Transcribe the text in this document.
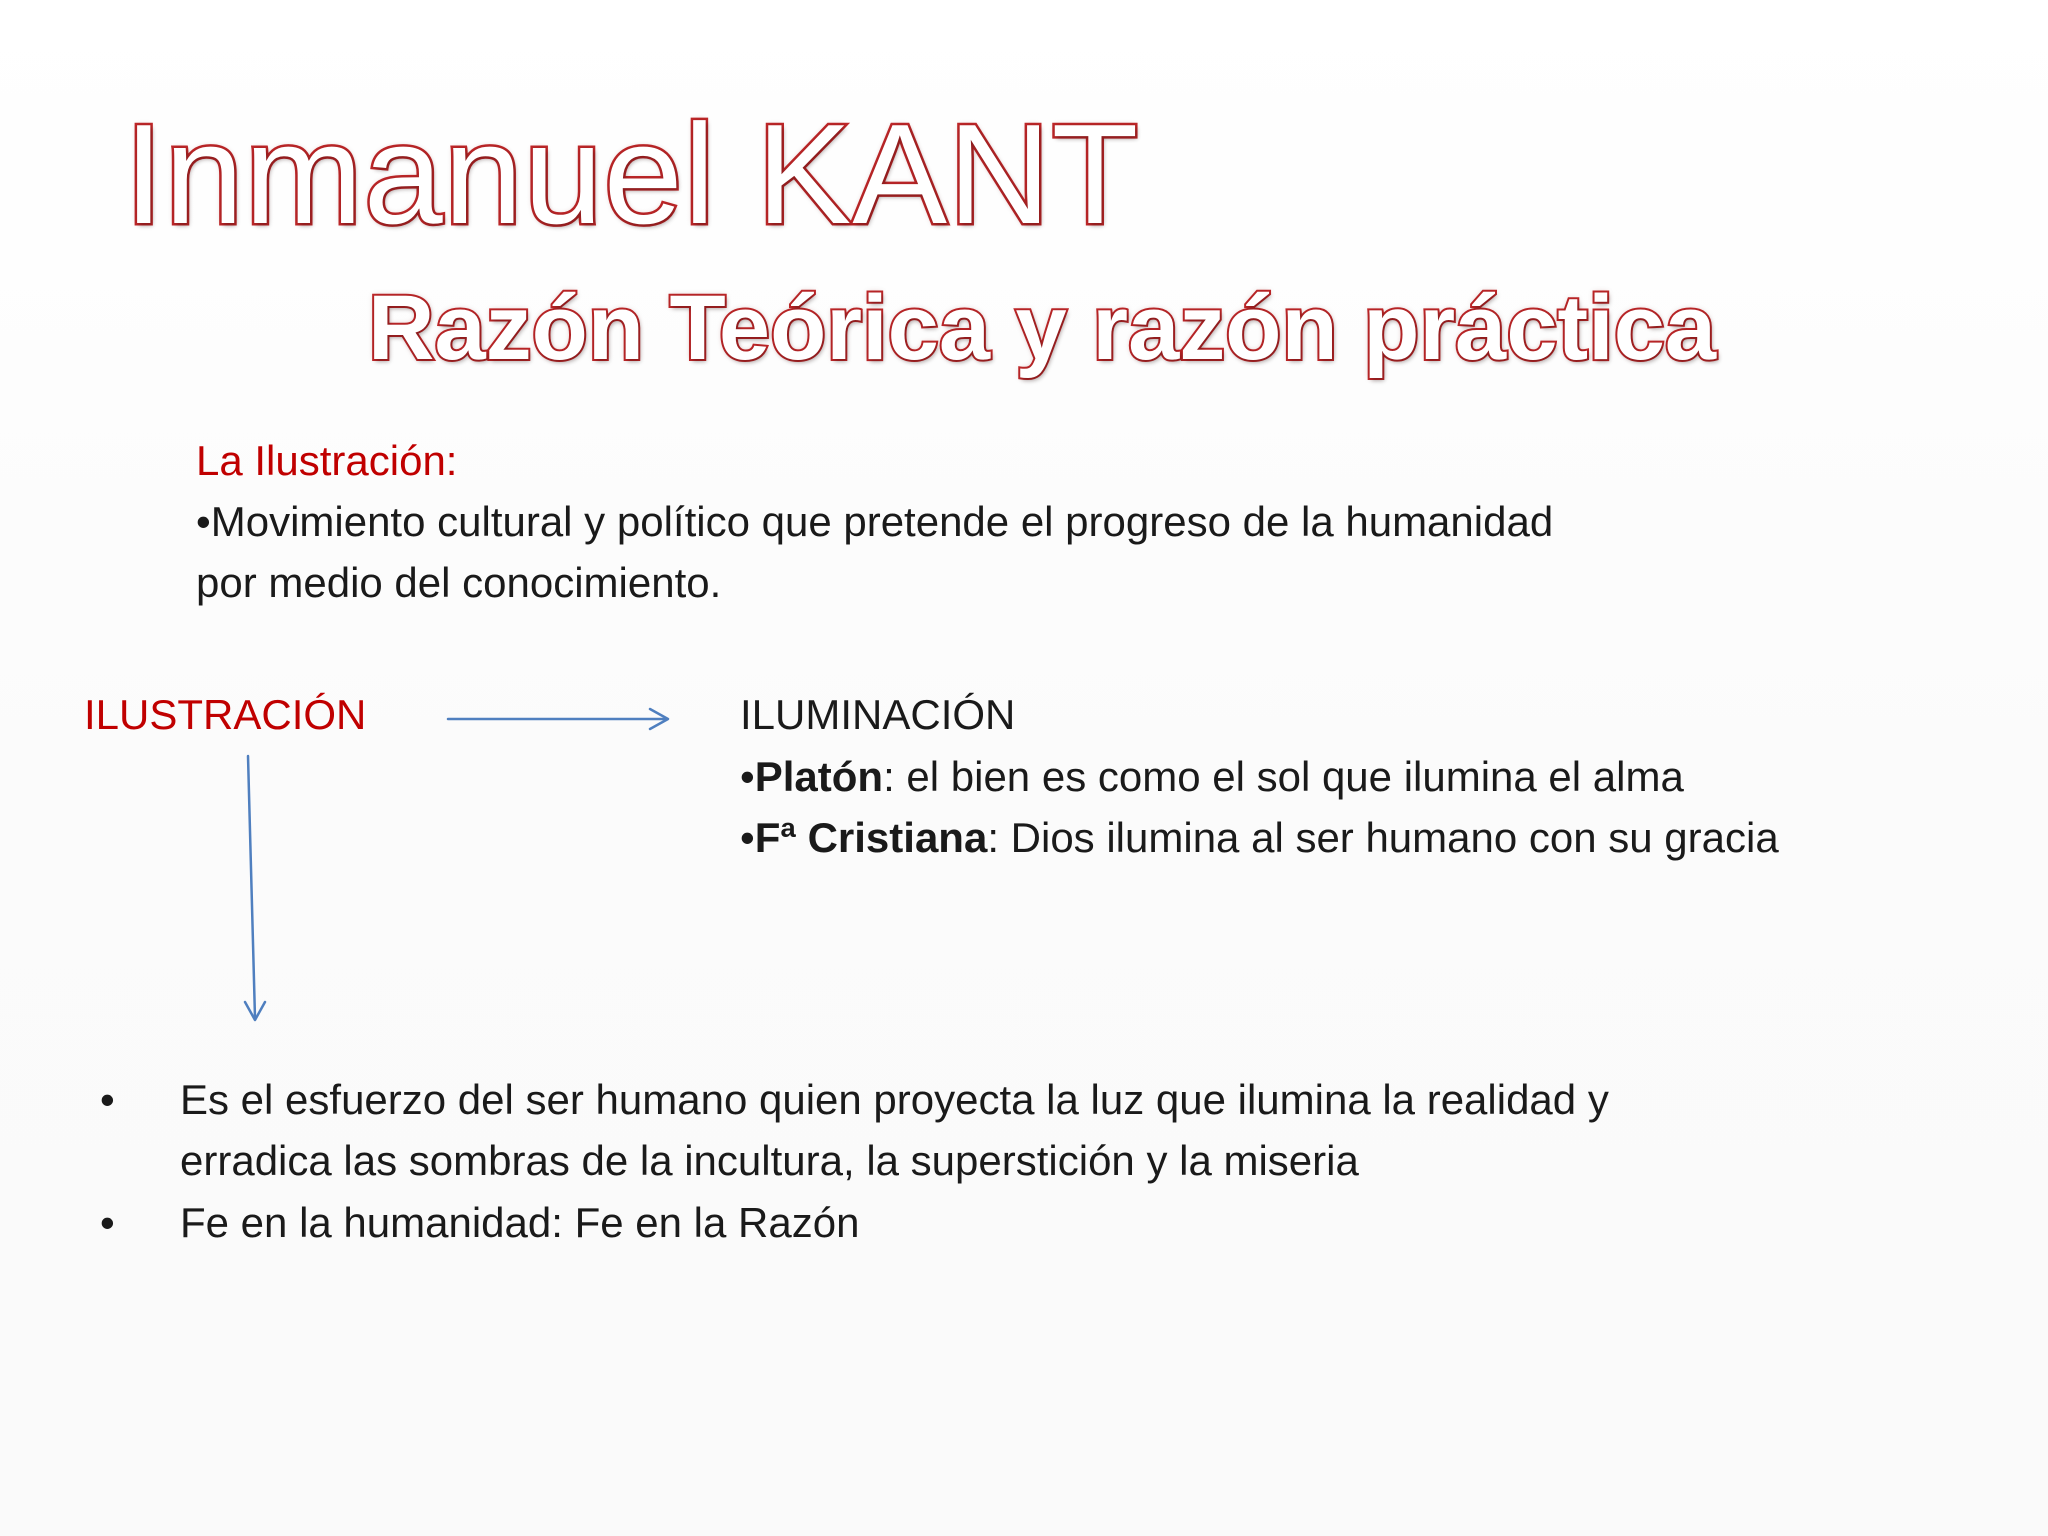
Inmanuel KANT
Razón Teórica y razón práctica
La Ilustración:
•Movimiento cultural y político que pretende el progreso de la humanidad
por medio del conocimiento.
ILUSTRACIÓN	ILUMINACIÓN
•Platón: el bien es como el sol que ilumina el alma
•Fª Cristiana: Dios ilumina al ser humano con su gracia
• Es el esfuerzo del ser humano quien proyecta la luz que ilumina la realidad y
erradica las sombras de la incultura, la superstición y la miseria
• Fe en la humanidad: Fe en la Razón
